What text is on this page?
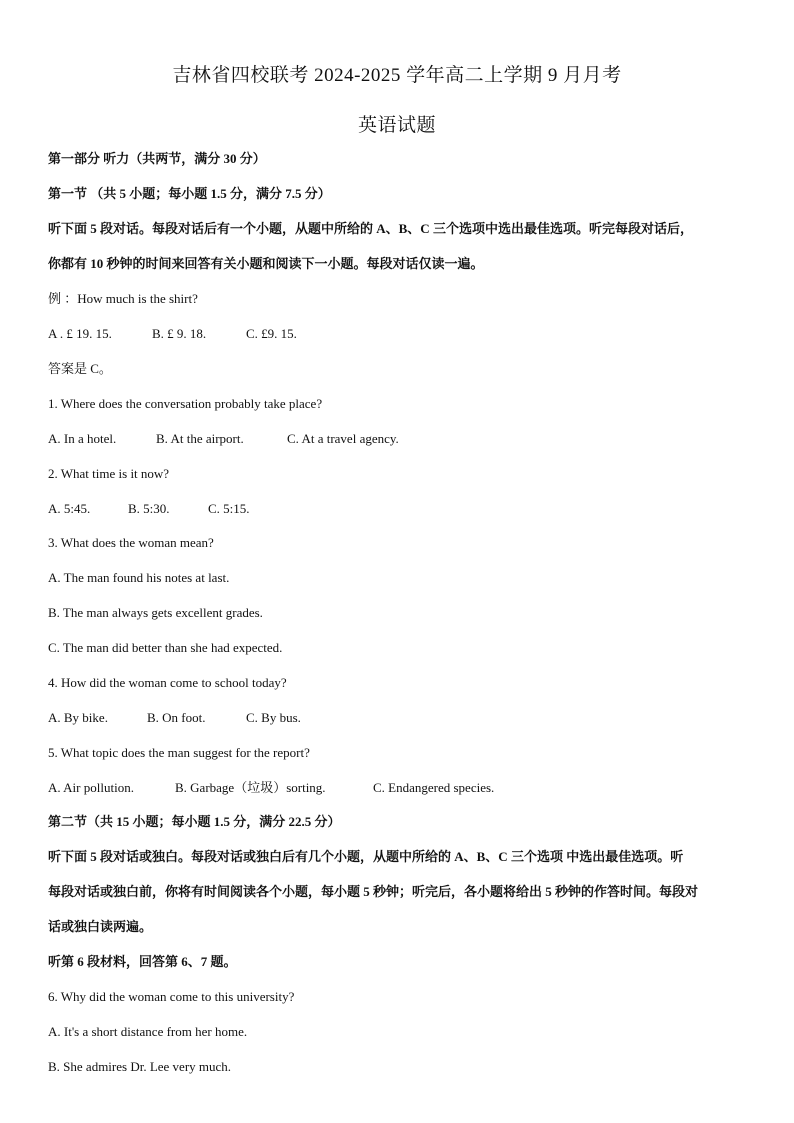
吉林省四校联考 2024-2025 学年高二上学期 9 月月考
英语试题
第一部分 听力（共两节，满分 30 分）
第一节 （共 5 小题；每小题 1.5 分，满分 7.5 分）
听下面 5 段对话。每段对话后有一个小题，从题中所给的 A、B、C 三个选项中选出最佳选项。听完每段对话后，
你都有 10 秒钟的时间来回答有关小题和阅读下一小题。每段对话仅读一遍。
例 ：How much is the shirt?
A . £ 19. 15.	B. £ 9. 18.	C. £9. 15.
答案是 C。
1. Where does the conversation probably take place?
A. In a hotel.	B. At the airport.	C. At a travel agency.
2. What time is it now?
A. 5:45.	B. 5:30.	C. 5:15.
3. What does the woman mean?
A. The man found his notes at last.
B. The man always gets excellent grades.
C. The man did better than she had expected.
4. How did the woman come to school today?
A. By bike.	B. On foot.	C. By bus.
5. What topic does the man suggest for the report?
A. Air pollution.	B. Garbage（垃圾）sorting.	C. Endangered species.
第二节（共 15 小题；每小题 1.5 分，满分 22.5 分）
听下面 5 段对话或独白。每段对话或独白后有几个小题，从题中所给的 A、B、C 三个选项 中选出最佳选项。听
每段对话或独白前，你将有时间阅读各个小题，每小题 5 秒钟；听完后，各小题将给出 5 秒钟的作答时间。每段对
话或独白读两遍。
听第 6 段材料，回答第 6、7 题。
6. Why did the woman come to this university?
A. It's a short distance from her home.
B. She admires Dr. Lee very much.
